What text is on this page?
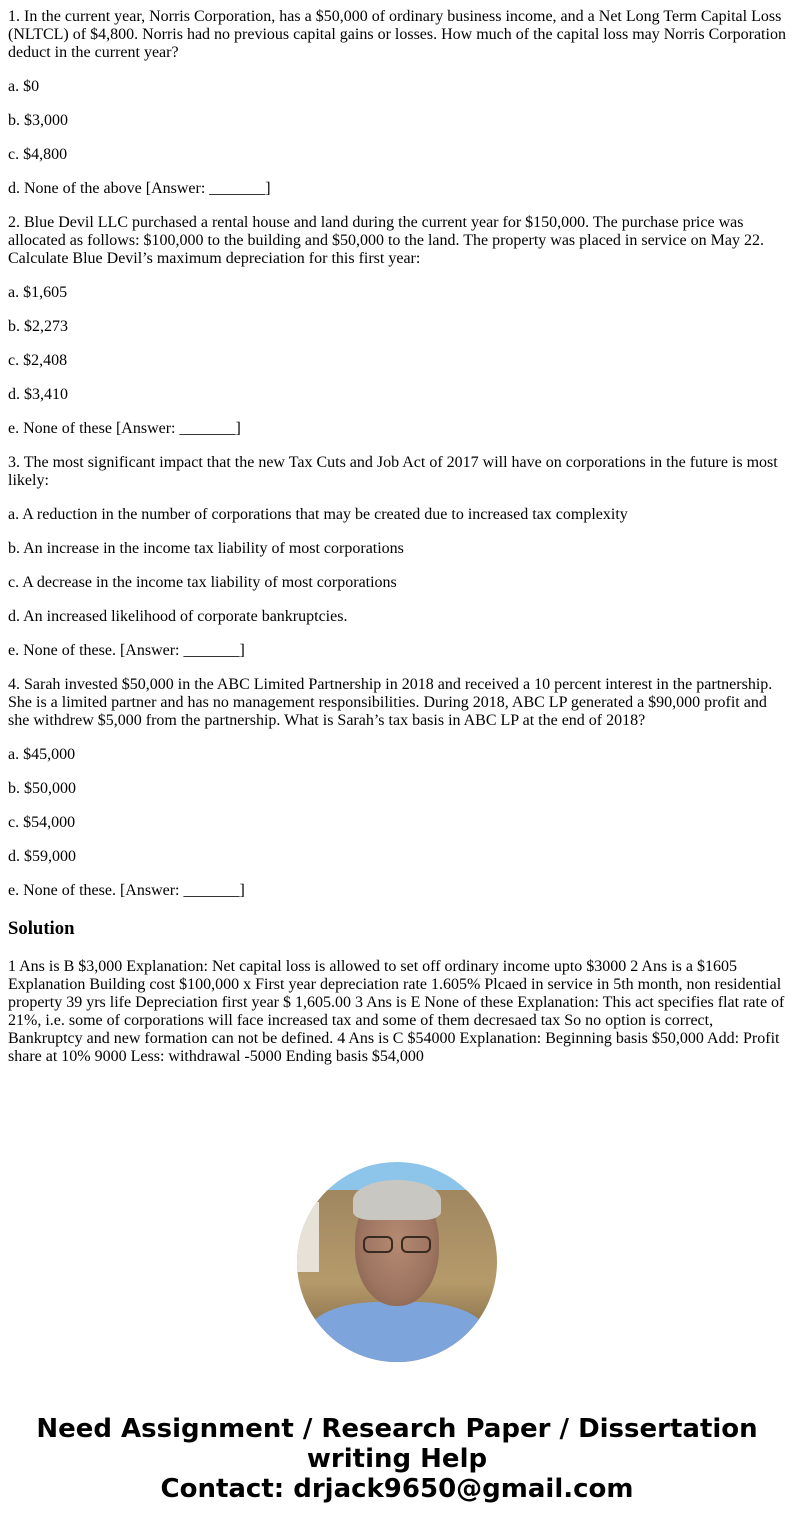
1. In the current year, Norris Corporation, has a $50,000 of ordinary business income, and a Net Long Term Capital Loss (NLTCL) of $4,800. Norris had no previous capital gains or losses. How much of the capital loss may Norris Corporation deduct in the current year?

a. $0

b. $3,000

c. $4,800

d. None of the above [Answer: _______]

2. Blue Devil LLC purchased a rental house and land during the current year for $150,000. The purchase price was allocated as follows: $100,000 to the building and $50,000 to the land. The property was placed in service on May 22. Calculate Blue Devil’s maximum depreciation for this first year:

a. $1,605

b. $2,273

c. $2,408

d. $3,410

e. None of these [Answer: _______]

3. The most significant impact that the new Tax Cuts and Job Act of 2017 will have on corporations in the future is most likely:

a. A reduction in the number of corporations that may be created due to increased tax complexity

b. An increase in the income tax liability of most corporations

c. A decrease in the income tax liability of most corporations

d. An increased likelihood of corporate bankruptcies.

e. None of these. [Answer: _______]

4. Sarah invested $50,000 in the ABC Limited Partnership in 2018 and received a 10 percent interest in the partnership. She is a limited partner and has no management responsibilities. During 2018, ABC LP generated a $90,000 profit and she withdrew $5,000 from the partnership. What is Sarah’s tax basis in ABC LP at the end of 2018?

a. $45,000

b. $50,000

c. $54,000

d. $59,000

e. None of these. [Answer: _______]

Solution

1 Ans is B $3,000 Explanation: Net capital loss is allowed to set off ordinary income upto $3000 2 Ans is a $1605 Explanation Building cost $100,000 x First year depreciation rate 1.605% Plcaed in service in 5th month, non residential property 39 yrs life Depreciation first year $ 1,605.00 3 Ans is E None of these Explanation: This act specifies flat rate of 21%, i.e. some of corporations will face increased tax and some of them decresaed tax So no option is correct, Bankruptcy and new formation can not be defined. 4 Ans is C $54000 Explanation: Beginning basis $50,000 Add: Profit share at 10% 9000 Less: withdrawal -5000 Ending basis $54,000

Need Assignment / Research Paper / Dissertation writing Help
Contact: drjack9650@gmail.com
